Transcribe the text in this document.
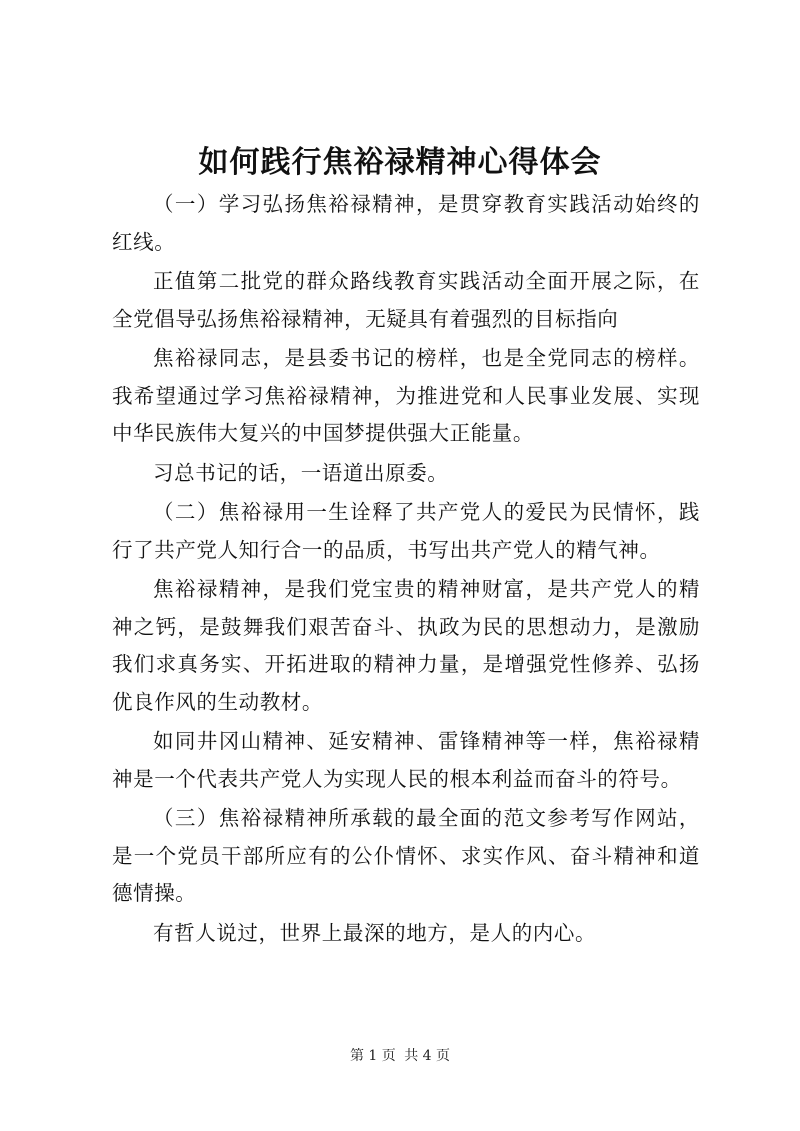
如何践行焦裕禄精神心得体会

（一）学习弘扬焦裕禄精神，是贯穿教育实践活动始终的红线。

正值第二批党的群众路线教育实践活动全面开展之际，在全党倡导弘扬焦裕禄精神，无疑具有着强烈的目标指向

焦裕禄同志，是县委书记的榜样，也是全党同志的榜样。我希望通过学习焦裕禄精神，为推进党和人民事业发展、实现中华民族伟大复兴的中国梦提供强大正能量。

习总书记的话，一语道出原委。

（二）焦裕禄用一生诠释了共产党人的爱民为民情怀，践行了共产党人知行合一的品质，书写出共产党人的精气神。

焦裕禄精神，是我们党宝贵的精神财富，是共产党人的精神之钙，是鼓舞我们艰苦奋斗、执政为民的思想动力，是激励我们求真务实、开拓进取的精神力量，是增强党性修养、弘扬优良作风的生动教材。

如同井冈山精神、延安精神、雷锋精神等一样，焦裕禄精神是一个代表共产党人为实现人民的根本利益而奋斗的符号。

（三）焦裕禄精神所承载的最全面的范文参考写作网站，是一个党员干部所应有的公仆情怀、求实作风、奋斗精神和道德情操。

有哲人说过，世界上最深的地方，是人的内心。

第 1 页 共 4 页
